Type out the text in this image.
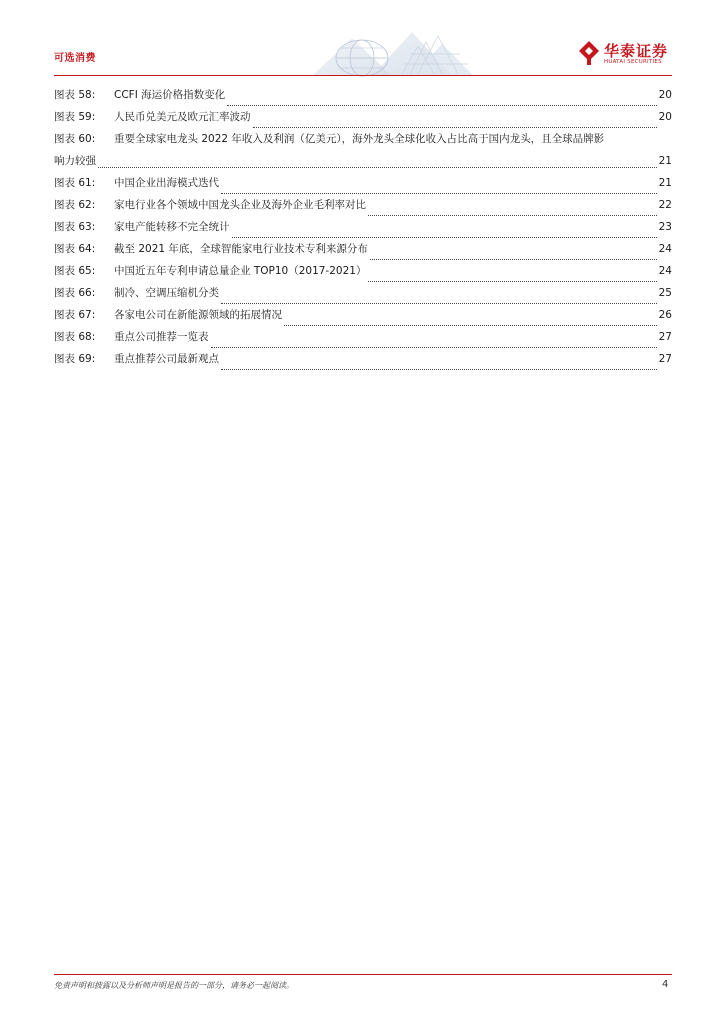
可选消费	华泰证券
HUATAI SECURITIES
图表 58:	CCFI 海运价格指数变化	20
图表 59:	人民币兑美元及欧元汇率波动	20
图表 60:	重要全球家电龙头 2022 年收入及利润（亿美元），海外龙头全球化收入占比高于国内龙头，且全球品牌影
响力较强	21
图表 61:	中国企业出海模式迭代	21
图表 62:	家电行业各个领域中国龙头企业及海外企业毛利率对比	22
图表 63:	家电产能转移不完全统计	23
图表 64:	截至 2021 年底，全球智能家电行业技术专利来源分布	24
图表 65:	中国近五年专利申请总量企业 TOP10（2017-2021）	24
图表 66:	制冷、空调压缩机分类	25
图表 67:	各家电公司在新能源领域的拓展情况	26
图表 68:	重点公司推荐一览表	27
图表 69:	重点推荐公司最新观点	27
免责声明和披露以及分析师声明是报告的一部分，请务必一起阅读。	4
